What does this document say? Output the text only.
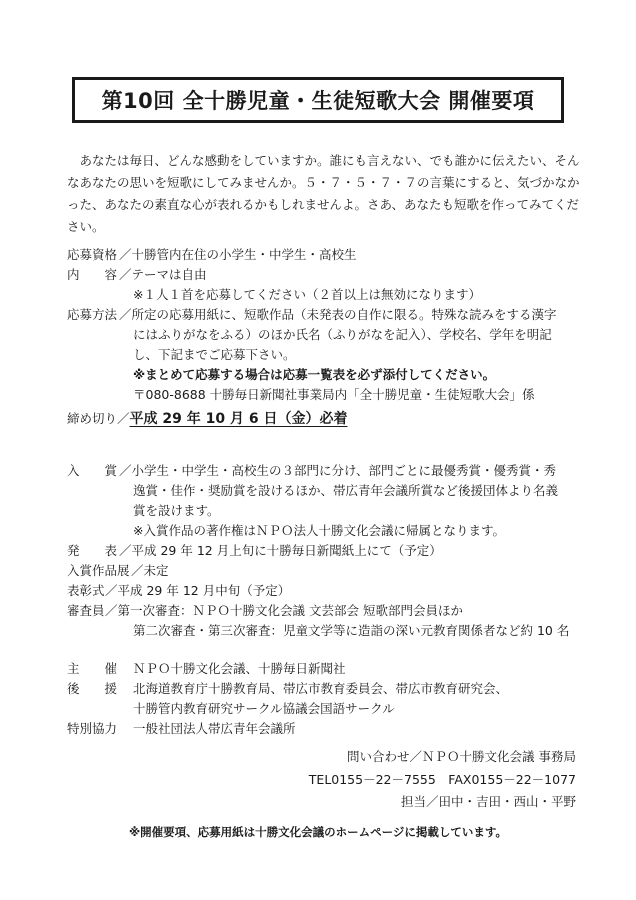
第10回 全十勝児童・生徒短歌大会 開催要項

あなたは毎日、どんな感動をしていますか。誰にも言えない、でも誰かに伝えたい、そんなあなたの思いを短歌にしてみませんか。５・７・５・７・７の言葉にすると、気づかなかった、あなたの素直な心が表れるかもしれませんよ。さあ、あなたも短歌を作ってみてください。

応募資格 ／十勝管内在住の小学生・中学生・高校生
内　　容 ／テーマは自由
※１人１首を応募してください（２首以上は無効になります）
応募方法 ／所定の応募用紙に、短歌作品（未発表の自作に限る。特殊な読みをする漢字
にはふりがなをふる）のほか氏名（ふりがなを記入）、学校名、学年を明記
し、下記までご応募下さい。
※まとめて応募する場合は応募一覧表を必ず添付してください。
〒080-8688 十勝毎日新聞社事業局内「全十勝児童・生徒短歌大会」係
締め切り／平成 29 年 10 月 6 日（金）必着
入　　賞 ／小学生・中学生・高校生の３部門に分け、部門ごとに最優秀賞・優秀賞・秀
逸賞・佳作・奨励賞を設けるほか、帯広青年会議所賞など後援団体より名義
賞を設けます。
※入賞作品の著作権はＮＰＯ法人十勝文化会議に帰属となります。
発　　表 ／平成 29 年 12 月上旬に十勝毎日新聞紙上にて（予定）
入賞作品展 ／未定
表彰式 ／平成 29 年 12 月中旬（予定）
審査員 ／第一次審査：ＮＰＯ十勝文化会議 文芸部会 短歌部門会員ほか
第二次審査・第三次審査：児童文学等に造詣の深い元教育関係者など約 10 名
主　　催 ＮＰＯ十勝文化会議、十勝毎日新聞社
後　　援 北海道教育庁十勝教育局、帯広市教育委員会、帯広市教育研究会、
十勝管内教育研究サークル協議会国語サークル
特別協力 一般社団法人帯広青年会議所
問い合わせ／ＮＰＯ十勝文化会議 事務局
TEL0155－22－7555　FAX0155－22－1077
担当／田中・吉田・西山・平野
※開催要項、応募用紙は十勝文化会議のホームページに掲載しています。
